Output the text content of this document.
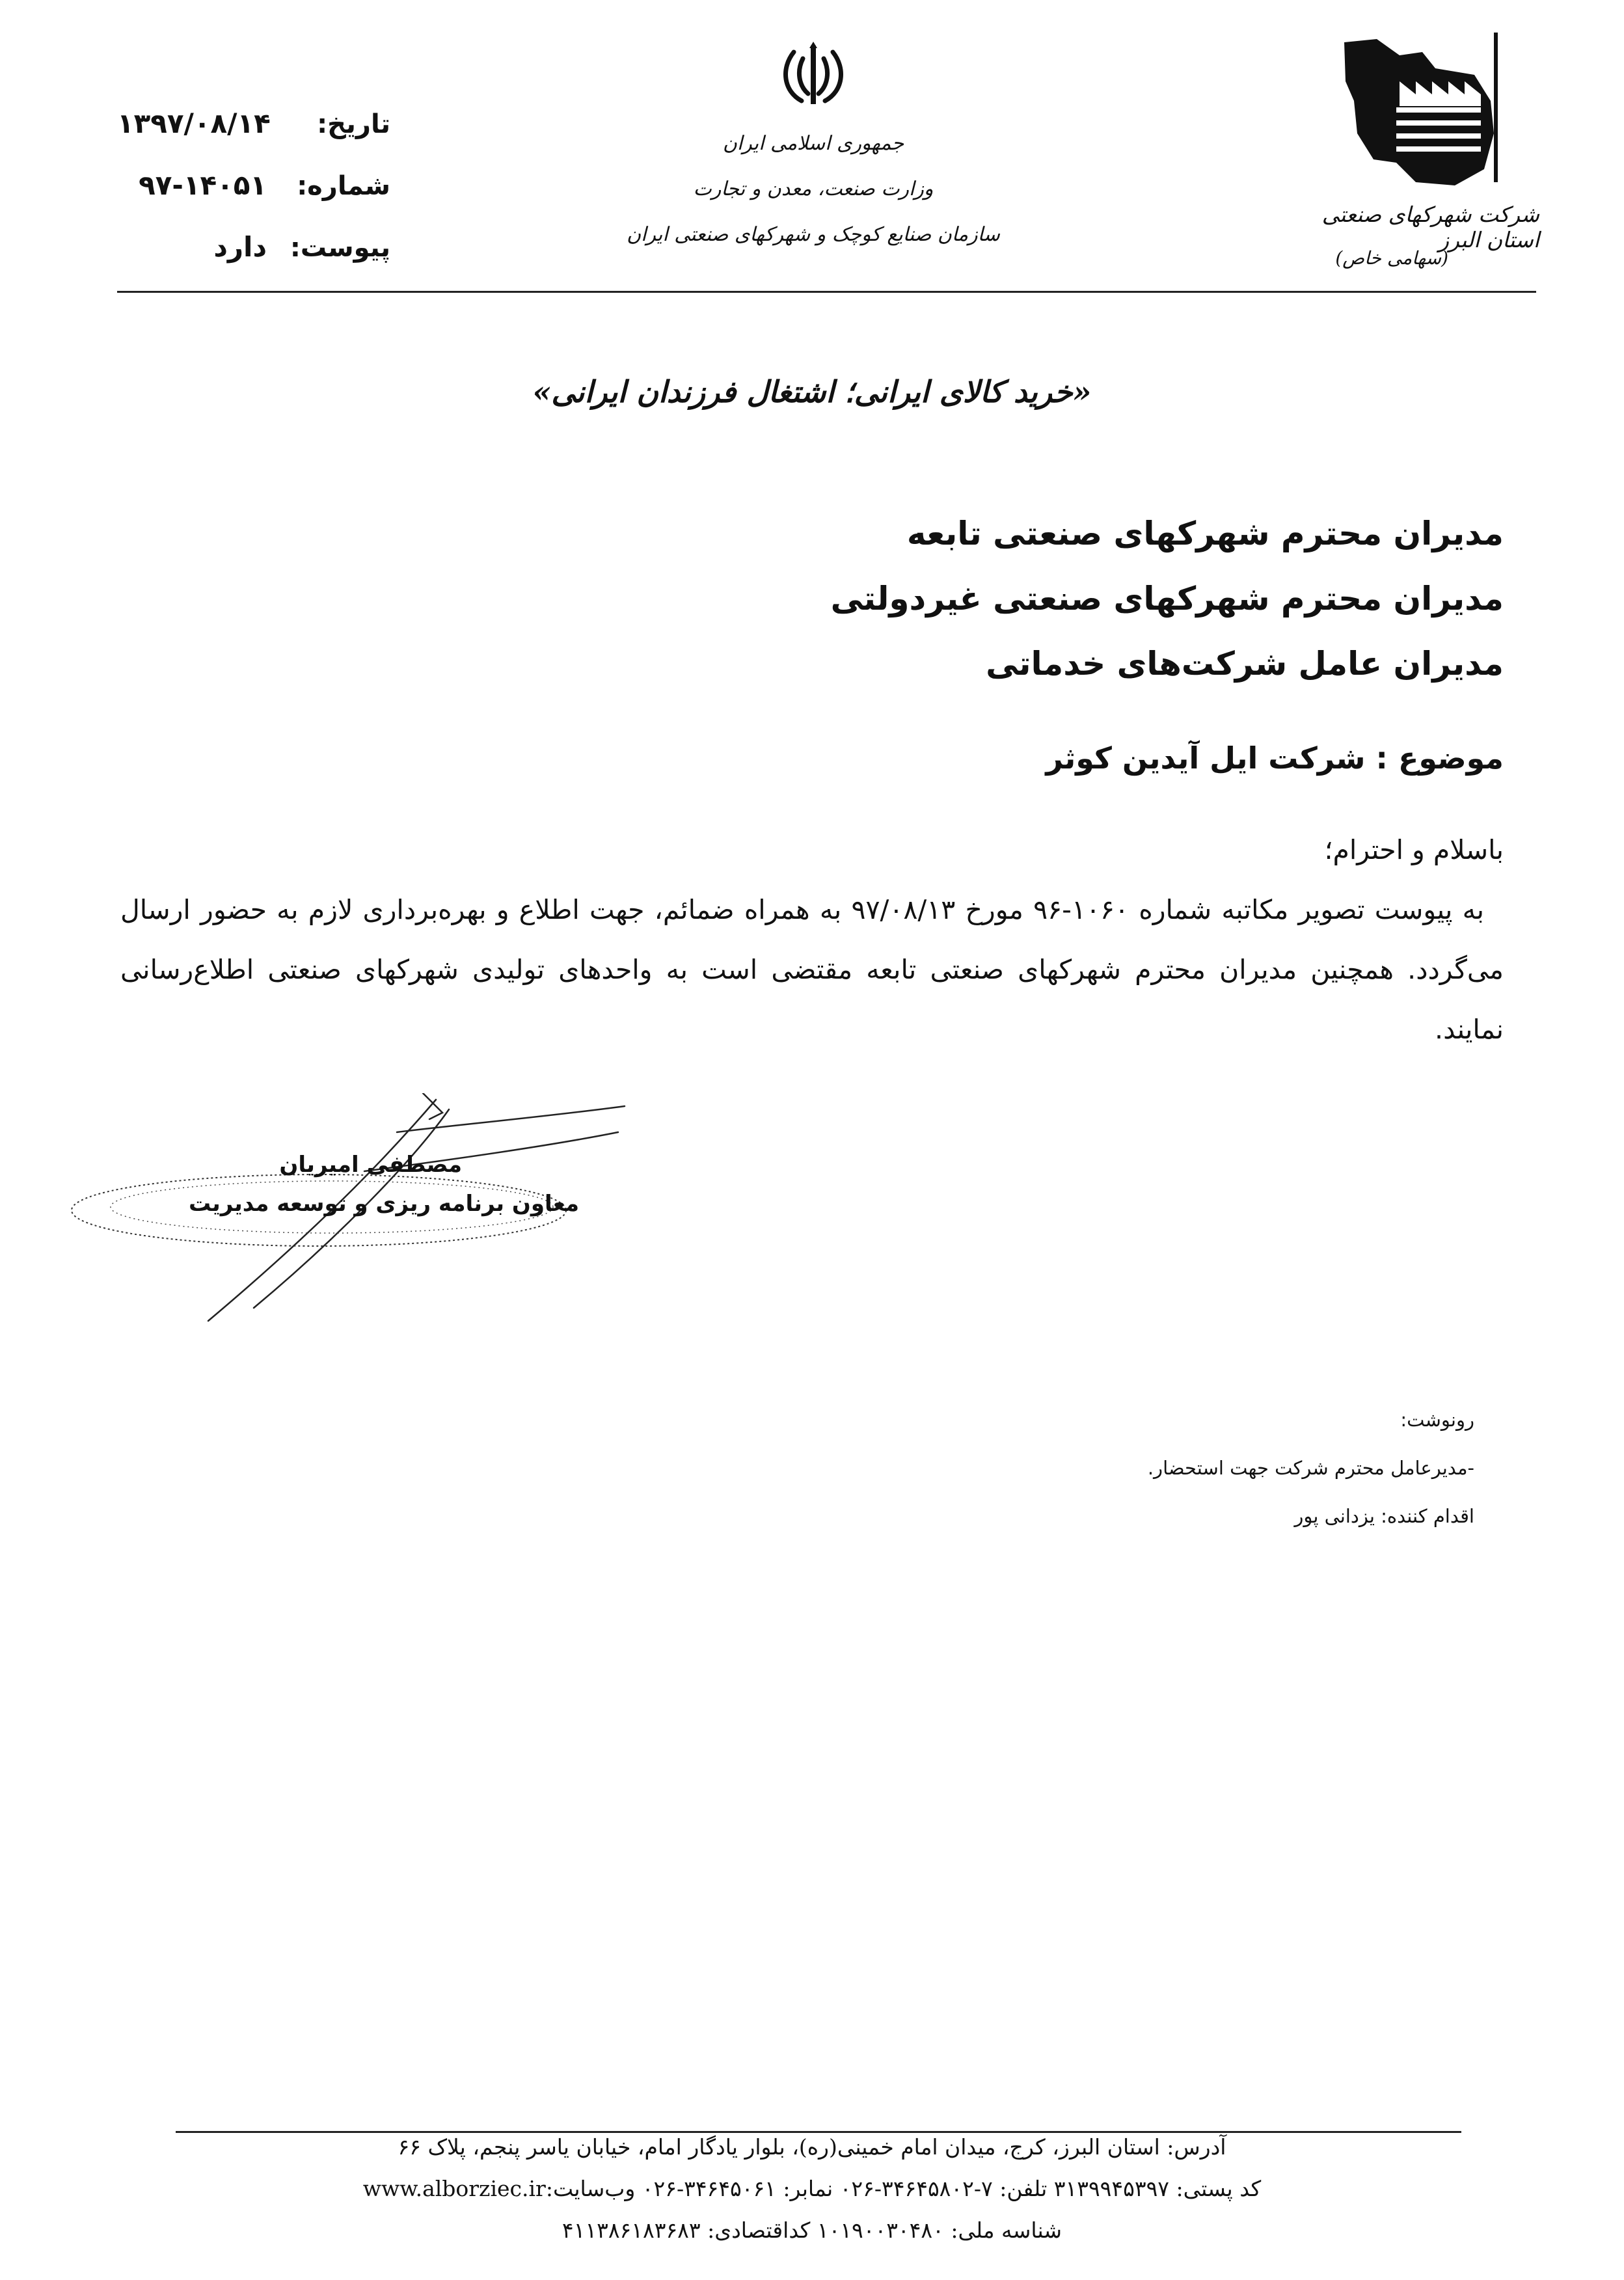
تاریخ:
۱۳۹۷/۰۸/۱۴
شماره:
۹۷-۱۴۰۵۱
پیوست:
دارد
جمهوری اسلامی ایران
وزارت صنعت، معدن و تجارت
سازمان صنایع کوچک و شهرکهای صنعتی ایران
شرکت شهرکهای صنعتی استان البرز
(سهامی خاص)
«خرید کالای ایرانی؛ اشتغال فرزندان ایرانی»
مدیران محترم شهرکهای صنعتی تابعه
مدیران محترم شهرکهای صنعتی غیردولتی
مدیران عامل شرکت‌های خدماتی
موضوع : شرکت ایل آیدین کوثر
باسلام و احترام؛
به پیوست تصویر مکاتبه شماره ۱۰۶۰-۹۶ مورخ ۹۷/۰۸/۱۳ به همراه ضمائم، جهت اطلاع و بهره‌برداری لازم به حضور ارسال می‌گردد. همچنین مدیران محترم شهرکهای صنعتی تابعه مقتضی است به واحدهای تولیدی شهرکهای صنعتی اطلاع‌رسانی نمایند.
مصطفی امیریان
معاون برنامه ریزی و توسعه مدیریت
رونوشت:
-مدیرعامل محترم شرکت جهت استحضار.
اقدام کننده: یزدانی پور
آدرس: استان البرز، کرج، میدان امام خمینی(ره)، بلوار یادگار امام، خیابان یاسر پنجم، پلاک ۶۶
کد پستی: ۳۱۳۹۹۴۵۳۹۷ تلفن: ۷-۳۴۶۴۵۸۰۲-۰۲۶ نمابر: ۳۴۶۴۵۰۶۱-۰۲۶ وب‌سایت:www.alborziec.ir
شناسه ملی: ۱۰۱۹۰۰۳۰۴۸۰ کداقتصادی: ۴۱۱۳۸۶۱۸۳۶۸۳
